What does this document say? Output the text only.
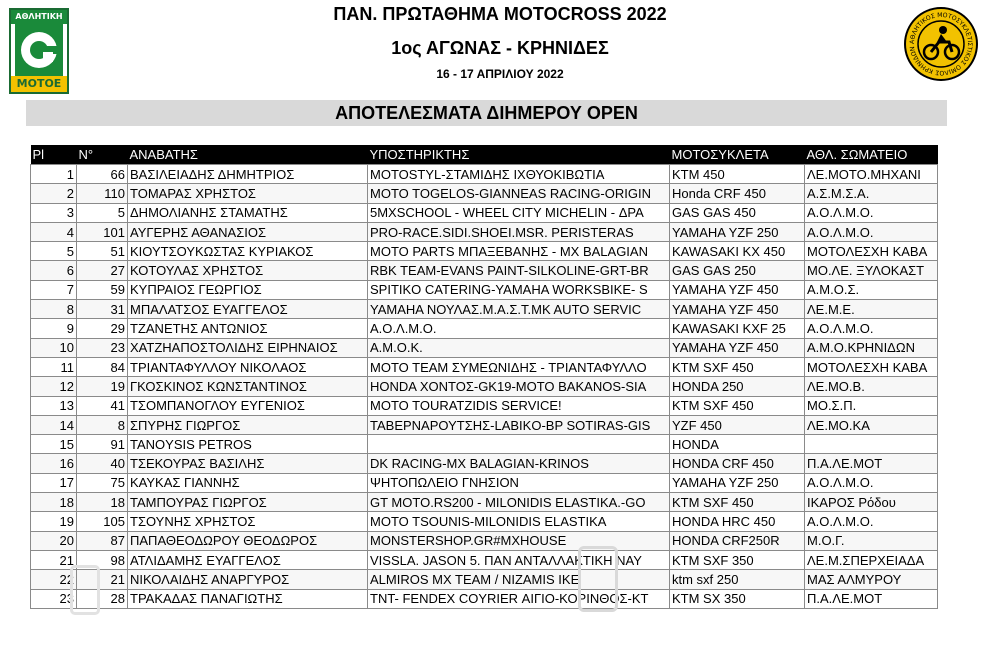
ΑΘΛΗΤΙΚΗ
ΜΟΤΟΕ
ΑΘΛΗΤΙΚΟΣ ΜΟΤΟΣΥΚΛΕΤΙΣΤΙΚΟΣ ΟΜΙΛΟΣ ΚΡΗΝΙΔΩΝ
ΠΑΝ. ΠΡΩΤΑΘΗΜΑ MOTOCROSS 2022
1ος ΑΓΩΝΑΣ - ΚΡΗΝΙΔΕΣ
16 - 17 ΑΠΡΙΛΙΟΥ 2022
ΑΠΟΤΕΛΕΣΜΑΤΑ ΔΙΗΜΕΡΟΥ OPEN
Pl	N°	ΑΝΑΒΑΤΗΣ	ΥΠΟΣΤΗΡΙΚΤΗΣ	ΜΟΤΟΣΥΚΛΕΤΑ	ΑΘΛ. ΣΩΜΑΤΕΙΟ
1	66	ΒΑΣΙΛΕΙΑΔΗΣ ΔΗΜΗΤΡΙΟΣ	MOTOSTYL-ΣΤΑΜΙΔΗΣ ΙΧΘΥΟΚΙΒΩΤΙΑ	KTM 450	ΛΕ.ΜΟΤΟ.ΜΗΧΑΝΙ
2	110	ΤΟΜΑΡΑΣ ΧΡΗΣΤΟΣ	MOTO TOGELOS-GIANNEAS RACING-ORIGIN	Honda CRF 450	Α.Σ.Μ.Σ.Α.
3	5	ΔΗΜΟΛΙΑΝΗΣ ΣΤΑΜΑΤΗΣ	5MXSCHOOL - WHEEL CITY MICHELIN - ΔΡΑ	GAS GAS 450	Α.Ο.Λ.Μ.Ο.
4	101	ΑΥΓΕΡΗΣ ΑΘΑΝΑΣΙΟΣ	PRO-RACE.SIDI.SHOEI.MSR. PERISTERAS	YAMAHA YZF 250	Α.Ο.Λ.Μ.Ο.
5	51	ΚΙΟΥΤΣΟΥΚΩΣΤΑΣ ΚΥΡΙΑΚΟΣ	MOTO PARTS ΜΠΑΞΕΒΑΝΗΣ - MX BALAGIAN	KAWASAKI KX 450	ΜΟΤΟΛΕΣΧΗ ΚΑΒΑ
6	27	ΚΟΤΟΥΛΑΣ ΧΡΗΣΤΟΣ	RBK TEAM-EVANS PAINT-SILKOLINE-GRT-BR	GAS GAS 250	ΜΟ.ΛΕ. ΞΥΛΟΚΑΣΤ
7	59	ΚΥΠΡΑΙΟΣ ΓΕΩΡΓΙΟΣ	SPITIKO CATERING-YAMAHA WORKSBIKE- S	YAMAHA YZF 450	Α.Μ.Ο.Σ.
8	31	ΜΠΑΛΑΤΣΟΣ ΕΥΑΓΓΕΛΟΣ	YAMAHA ΝΟΥΛΑΣ.Μ.Α.Σ.Τ.MK AUTO SERVIC	YAMAHA YZF 450	ΛΕ.Μ.Ε.
9	29	ΤΖΑΝΕΤΗΣ ΑΝΤΩΝΙΟΣ	Α.Ο.Λ.Μ.Ο.	KAWASAKI KXF 25	Α.Ο.Λ.Μ.Ο.
10	23	ΧΑΤΖΗΑΠΟΣΤΟΛΙΔΗΣ ΕΙΡΗΝΑΙΟΣ	Α.Μ.Ο.Κ.	YAMAHA YZF 450	Α.Μ.Ο.ΚΡΗΝΙΔΩΝ
11	84	ΤΡΙΑΝΤΑΦΥΛΛΟΥ ΝΙΚΟΛΑΟΣ	MOTO TEAM ΣΥΜΕΩΝΙΔΗΣ - ΤΡΙΑΝΤΑΦΥΛΛΟ	KTM SXF 450	ΜΟΤΟΛΕΣΧΗ ΚΑΒΑ
12	19	ΓΚΟΣΚΙΝΟΣ ΚΩΝΣΤΑΝΤΙΝΟΣ	HONDA ΧΟΝΤΟΣ-GK19-MOTO BAKANOS-SIA	HONDA 250	ΛΕ.ΜΟ.Β.
13	41	ΤΣΟΜΠΑΝΟΓΛΟΥ ΕΥΓΕΝΙΟΣ	MOTO TOURATZIDIS SERVICE!	KTM SXF 450	ΜΟ.Σ.Π.
14	8	ΣΠΥΡΗΣ ΓΙΩΡΓΟΣ	ΤΑΒΕΡΝΑΡΟΥΤΣΗΣ-LABIKO-BP SOTIRAS-GIS	YZF 450	ΛΕ.ΜΟ.ΚΑ
15	91	TANOYSIS PETROS		HONDA	
16	40	ΤΣΕΚΟΥΡΑΣ ΒΑΣΙΛΗΣ	DK RACING-MX BALAGIAN-KRINOS	HONDA CRF 450	Π.Α.ΛΕ.ΜΟΤ
17	75	ΚΑΥΚΑΣ ΓΙΑΝΝΗΣ	ΨΗΤΟΠΩΛΕΙΟ ΓΝΗΣΙΟΝ	YAMAHA YZF 250	Α.Ο.Λ.Μ.Ο.
18	18	ΤΑΜΠΟΥΡΑΣ ΓΙΩΡΓΟΣ	GT MOTO.RS200 - MILONIDIS ELASTIKA.-GO	KTM SXF 450	ΙΚΑΡΟΣ Ρόδου
19	105	ΤΣΟΥΝΗΣ ΧΡΗΣΤΟΣ	MOTO TSOUNIS-MILONIDIS ELASTIKA	HONDA HRC 450	Α.Ο.Λ.Μ.Ο.
20	87	ΠΑΠΑΘΕΟΔΩΡΟΥ ΘΕΟΔΩΡΟΣ	MONSTERSHOP.GR#MXHOUSE	HONDA CRF250R	Μ.Ο.Γ.
21	98	ΑΤΛΙΔΑΜΗΣ ΕΥΑΓΓΕΛΟΣ	VISSLA. JASON 5. ΠΑΝ ΑΝΤΑΛΛΑΚΤΙΚΗ ΝΑΥ	KTM SXF 350	ΛΕ.Μ.ΣΠΕΡΧΕΙΑΔΑ
22	21	ΝΙΚΟΛΑΙΔΗΣ ΑΝΑΡΓΥΡΟΣ	ALMIROS MX TEAM / NIZAMIS IKE	ktm sxf 250	ΜΑΣ ΑΛΜΥΡΟΥ
23	28	ΤΡΑΚΑΔΑΣ ΠΑΝΑΓΙΩΤΗΣ	TNT- FENDEX COYRIER ΑΙΓΙΟ-ΚΟΡΙΝΘΟΣ-ΚΤ	KTM SX 350	Π.Α.ΛΕ.ΜΟΤ
